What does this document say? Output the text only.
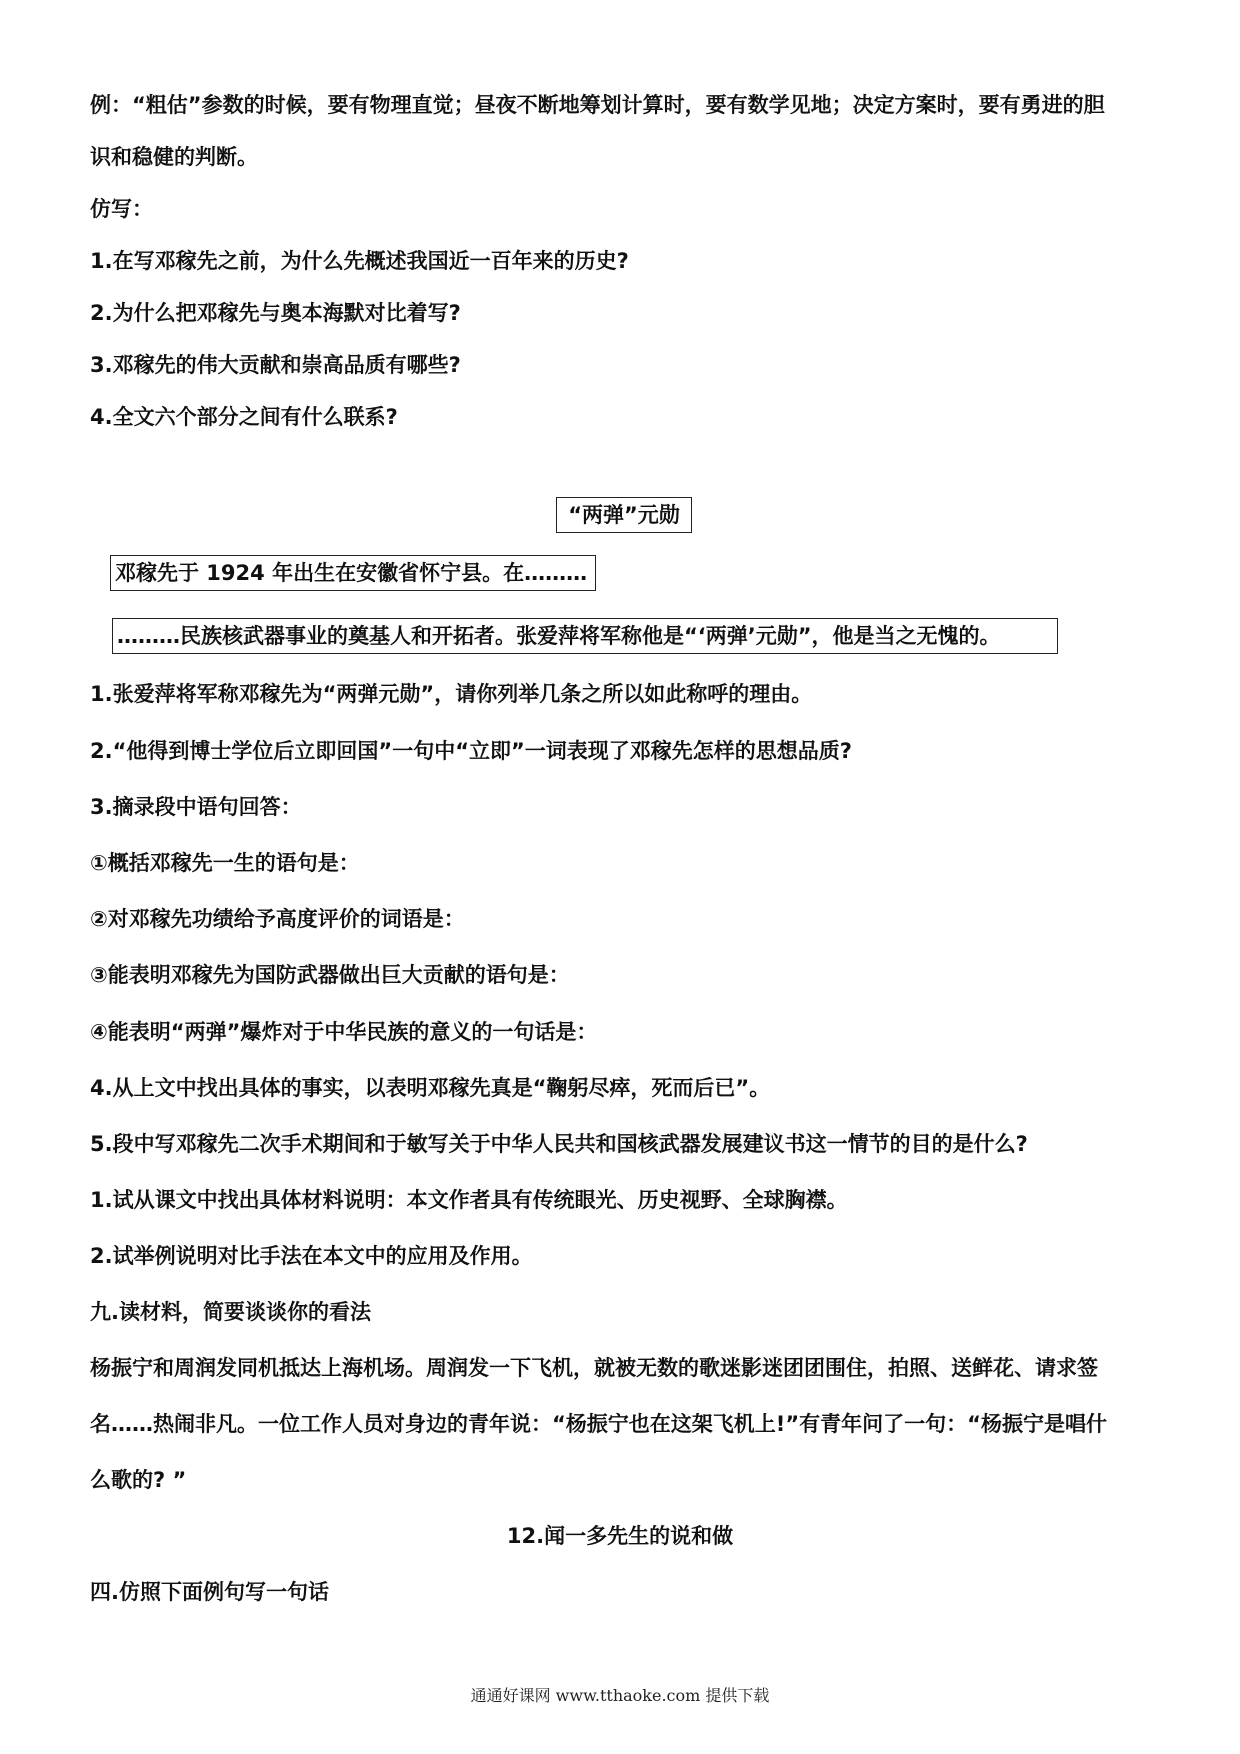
例：“粗估”参数的时候，要有物理直觉；昼夜不断地筹划计算时，要有数学见地；决定方案时，要有勇进的胆
识和稳健的判断。
仿写：
1.在写邓稼先之前，为什么先概述我国近一百年来的历史?
2.为什么把邓稼先与奥本海默对比着写?
3.邓稼先的伟大贡献和崇高品质有哪些?
4.全文六个部分之间有什么联系?
“两弹”元勋
邓稼先于 1924 年出生在安徽省怀宁县。在………
………民族核武器事业的奠基人和开拓者。张爱萍将军称他是“‘两弹’元勋”，他是当之无愧的。
1.张爱萍将军称邓稼先为“两弹元勋”，请你列举几条之所以如此称呼的理由。
2.“他得到博士学位后立即回国”一句中“立即”一词表现了邓稼先怎样的思想品质?
3.摘录段中语句回答：
①概括邓稼先一生的语句是：
②对邓稼先功绩给予高度评价的词语是：
③能表明邓稼先为国防武器做出巨大贡献的语句是：
④能表明“两弹”爆炸对于中华民族的意义的一句话是：
4.从上文中找出具体的事实，以表明邓稼先真是“鞠躬尽瘁，死而后已”。
5.段中写邓稼先二次手术期间和于敏写关于中华人民共和国核武器发展建议书这一情节的目的是什么?
1.试从课文中找出具体材料说明：本文作者具有传统眼光、历史视野、全球胸襟。
2.试举例说明对比手法在本文中的应用及作用。
九.读材料，简要谈谈你的看法
杨振宁和周润发同机抵达上海机场。周润发一下飞机，就被无数的歌迷影迷团团围住，拍照、送鲜花、请求签
名……热闹非凡。一位工作人员对身边的青年说：“杨振宁也在这架飞机上!”有青年问了一句：“杨振宁是唱什
么歌的? ”
12.闻一多先生的说和做
四.仿照下面例句写一句话
通通好课网 www.tthaoke.com 提供下载
